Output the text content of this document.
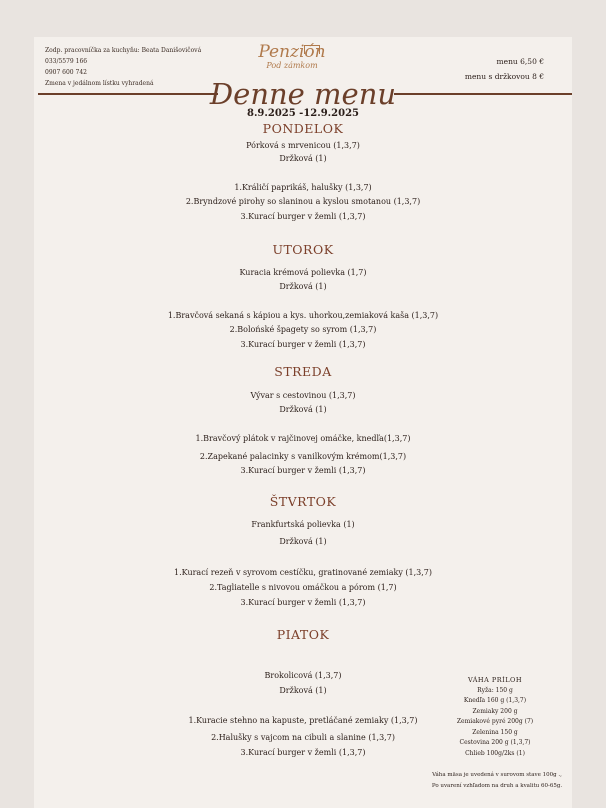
Zodp. pracovníčka za kuchyňu: Beata Danišovičová
033/5579 166
0907 600 742
Zmena v jedálnom lístku vyhradená
Penzión
Pod zámkom	menu 6,50 €
menu s držkovou 8 €
Denne menu
8.9.2025 -12.9.2025
PONDELOK
Pórková s mrvenicou (1,3,7)
Držková (1)
1.Králičí paprikáš, halušky (1,3,7)
2.Bryndzové pirohy so slaninou a kyslou smotanou (1,3,7)
3.Kurací burger v žemli (1,3,7)
UTOROK
Kuracia krémová polievka (1,7)
Držková (1)
1.Bravčová sekaná s kápiou a kys. uhorkou,zemiaková kaša (1,3,7)
2.Bolońské špagety so syrom (1,3,7)
3.Kurací burger v žemli (1,3,7)
STREDA
Vývar s cestovinou (1,3,7)
Držková (1)
1.Bravčový plátok v rajčinovej omáčke, knedľa(1,3,7)
2.Zapekané palacinky s vanilkovým krémom(1,3,7)
3.Kurací burger v žemli (1,3,7)
ŠTVRTOK
Frankfurtská polievka (1)
Držková (1)
1.Kurací rezeň v syrovom cestíčku, gratinované zemiaky (1,3,7)
2.Tagliatelle s nivovou omáčkou a pórom (1,7)
3.Kurací burger v žemli (1,3,7)
PIATOK
Brokolicová (1,3,7)
Držková (1)
1.Kuracie stehno na kapuste, pretláčané zemiaky (1,3,7)
2.Halušky s vajcom na cibuli a slanine (1,3,7)
3.Kurací burger v žemli (1,3,7)
VÁHA PRÍLOH
Ryža: 150 g
Knedľa 160 g (1,3,7)
Zemiaky 200 g
Zemiakové pyré 200g (7)
Zelenina 150 g
Cestovina 200 g (1,3,7)
Chlieb 100g/2ks (1)
Váha mäsa je uvedená v surovom stave 100g .,
Po uvarení vzhľadom na druh a kvalitu 60-65g.
